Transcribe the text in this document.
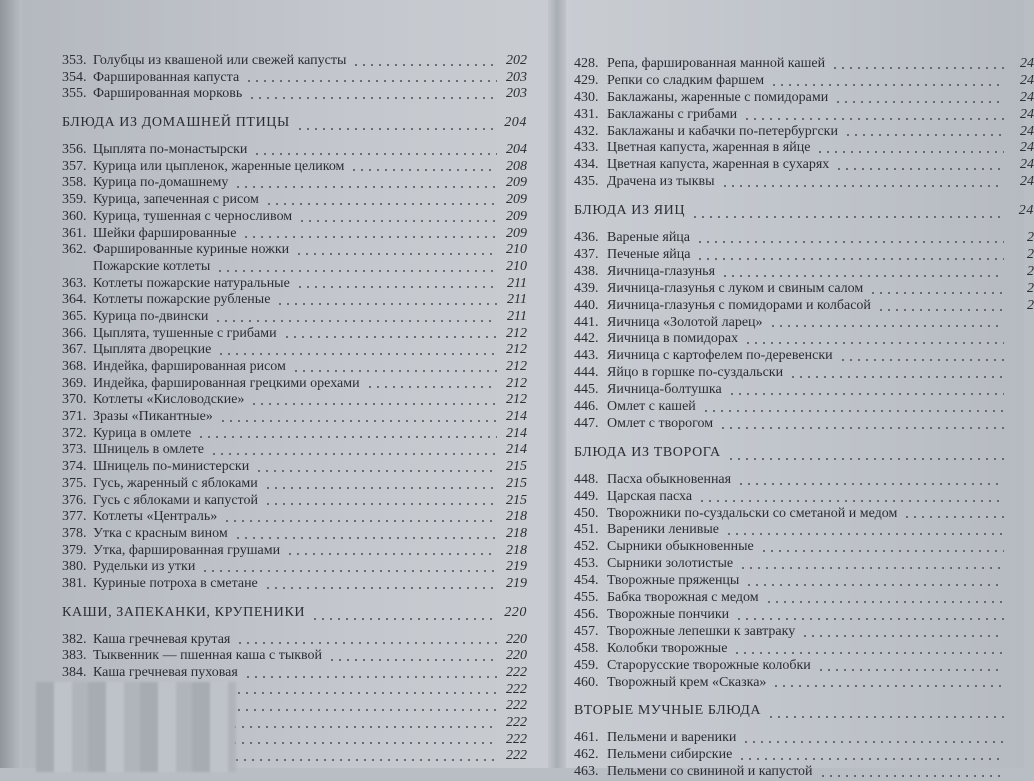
353. Голубцы из квашеной или свежей капусты	202
354. Фаршированная капуста	203
355. Фаршированная морковь	203
БЛЮДА ИЗ ДОМАШНЕЙ ПТИЦЫ	204
356. Цыплята по-монастырски	204
357. Курица или цыпленок, жаренные целиком	208
358. Курица по-домашнему	209
359. Курица, запеченная с рисом	209
360. Курица, тушенная с черносливом	209
361. Шейки фаршированные	209
362. Фаршированные куриные ножки	210
Пожарские котлеты	210
363. Котлеты пожарские натуральные	211
364. Котлеты пожарские рубленые	211
365. Курица по-двински	211
366. Цыплята, тушенные с грибами	212
367. Цыплята дворецкие	212
368. Индейка, фаршированная рисом	212
369. Индейка, фаршированная грецкими орехами	212
370. Котлеты «Кисловодские»	212
371. Зразы «Пикантные»	214
372. Курица в омлете	214
373. Шницель в омлете	214
374. Шницель по-министерски	215
375. Гусь, жаренный с яблоками	215
376. Гусь с яблоками и капустой	215
377. Котлеты «Централь»	218
378. Утка с красным вином	218
379. Утка, фаршированная грушами	218
380. Рудельки из утки	219
381. Куриные потроха в сметане	219
КАШИ, ЗАПЕКАНКИ, КРУПЕНИКИ	220
382. Каша гречневая крутая	220
383. Тыквенник — пшенная каша с тыквой	220
384. Каша гречневая пуховая	222
222
222
222
222
222
428. Репа, фаршированная манной кашей	24
429. Репки со сладким фаршем	24
430. Баклажаны, жаренные с помидорами	24
431. Баклажаны с грибами	24
432. Баклажаны и кабачки по-петербургски	24
433. Цветная капуста, жаренная в яйце	24
434. Цветная капуста, жаренная в сухарях	24
435. Драчена из тыквы	24
БЛЮДА ИЗ ЯИЦ	24
436. Вареные яйца	2
437. Печеные яйца	2
438. Яичница-глазунья	2
439. Яичница-глазунья с луком и свиным салом	2
440. Яичница-глазунья с помидорами и колбасой	2
441. Яичница «Золотой ларец»
442. Яичница в помидорах
443. Яичница с картофелем по-деревенски
444. Яйцо в горшке по-суздальски
445. Яичница-болтушка
446. Омлет с кашей
447. Омлет с творогом
БЛЮДА ИЗ ТВОРОГА
448. Пасха обыкновенная
449. Царская пасха
450. Творожники по-суздальски со сметаной и медом
451. Вареники ленивые
452. Сырники обыкновенные
453. Сырники золотистые
454. Творожные пряженцы
455. Бабка творожная с медом
456. Творожные пончики
457. Творожные лепешки к завтраку
458. Колобки творожные
459. Старорусские творожные колобки
460. Творожный крем «Сказка»
ВТОРЫЕ МУЧНЫЕ БЛЮДА
461. Пельмени и вареники
462. Пельмени сибирские
463. Пельмени со свининой и капустой
